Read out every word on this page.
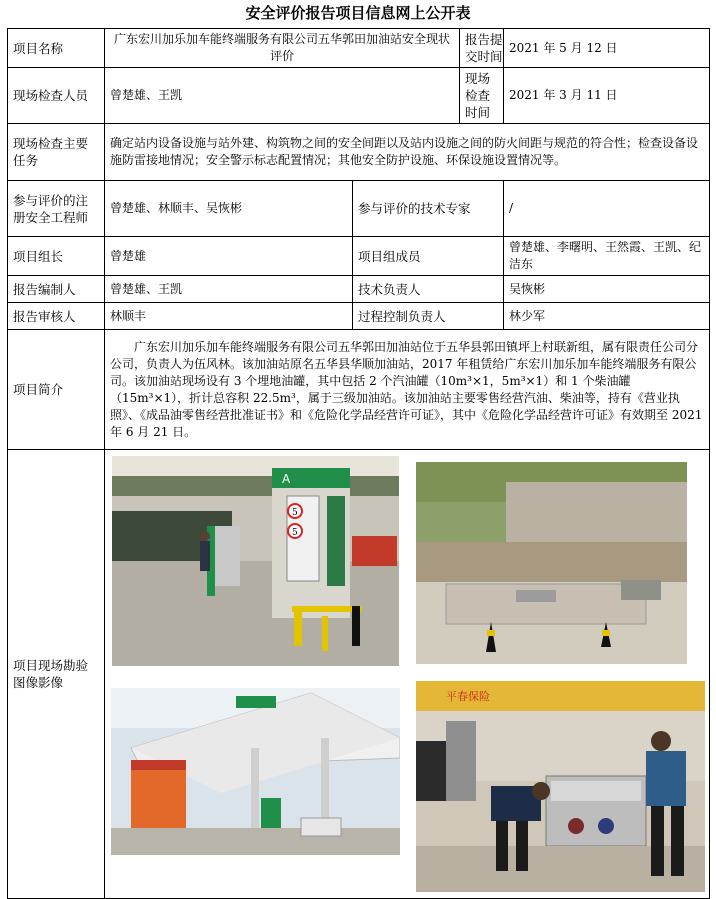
安全评价报告项目信息网上公开表
项目名称	广东宏川加乐加车能终端服务有限公司五华郭田加油站安全现状评价		报告提交时间	2021 年 5 月 12 日
现场检查人员	曾楚雄、王凯		现场检查时间	2021 年 3 月 11 日
现场检查主要任务	确定站内设备设施与站外建、构筑物之间的安全间距以及站内设施之间的防火间距与规范的符合性；检查设备设施防雷接地情况；安全警示标志配置情况；其他安全防护设施、环保设施设置情况等。			
参与评价的注册安全工程师	曾楚雄、林顺丰、吴恢彬	参与评价的技术专家		/
项目组长	曾楚雄	项目组成员		曾楚雄、李曙明、王然霞、王凯、纪洁东
报告编制人	曾楚雄、王凯	技术负责人		吴恢彬
报告审核人	林顺丰	过程控制负责人		林少军
项目简介	广东宏川加乐加车能终端服务有限公司五华郭田加油站位于五华县郭田镇坪上村联新组，属有限责任公司分公司，负责人为伍风林。该加油站原名五华县华顺加油站，2017 年租赁给广东宏川加乐加车能终端服务有限公司。该加油站现场设有 3 个埋地油罐，其中包括 2 个汽油罐（10m³×1，5m³×1）和 1 个柴油罐（15m³×1），折计总容积 22.5m³，属于三级加油站。该加油站主要零售经营汽油、柴油等，持有《营业执照》、《成品油零售经营批准证书》和《危险化学品经营许可证》，其中《危险化学品经营许可证》有效期至 2021 年 6 月 21 日。			
项目现场勘验图像影像	A
5
5
平春保险			
